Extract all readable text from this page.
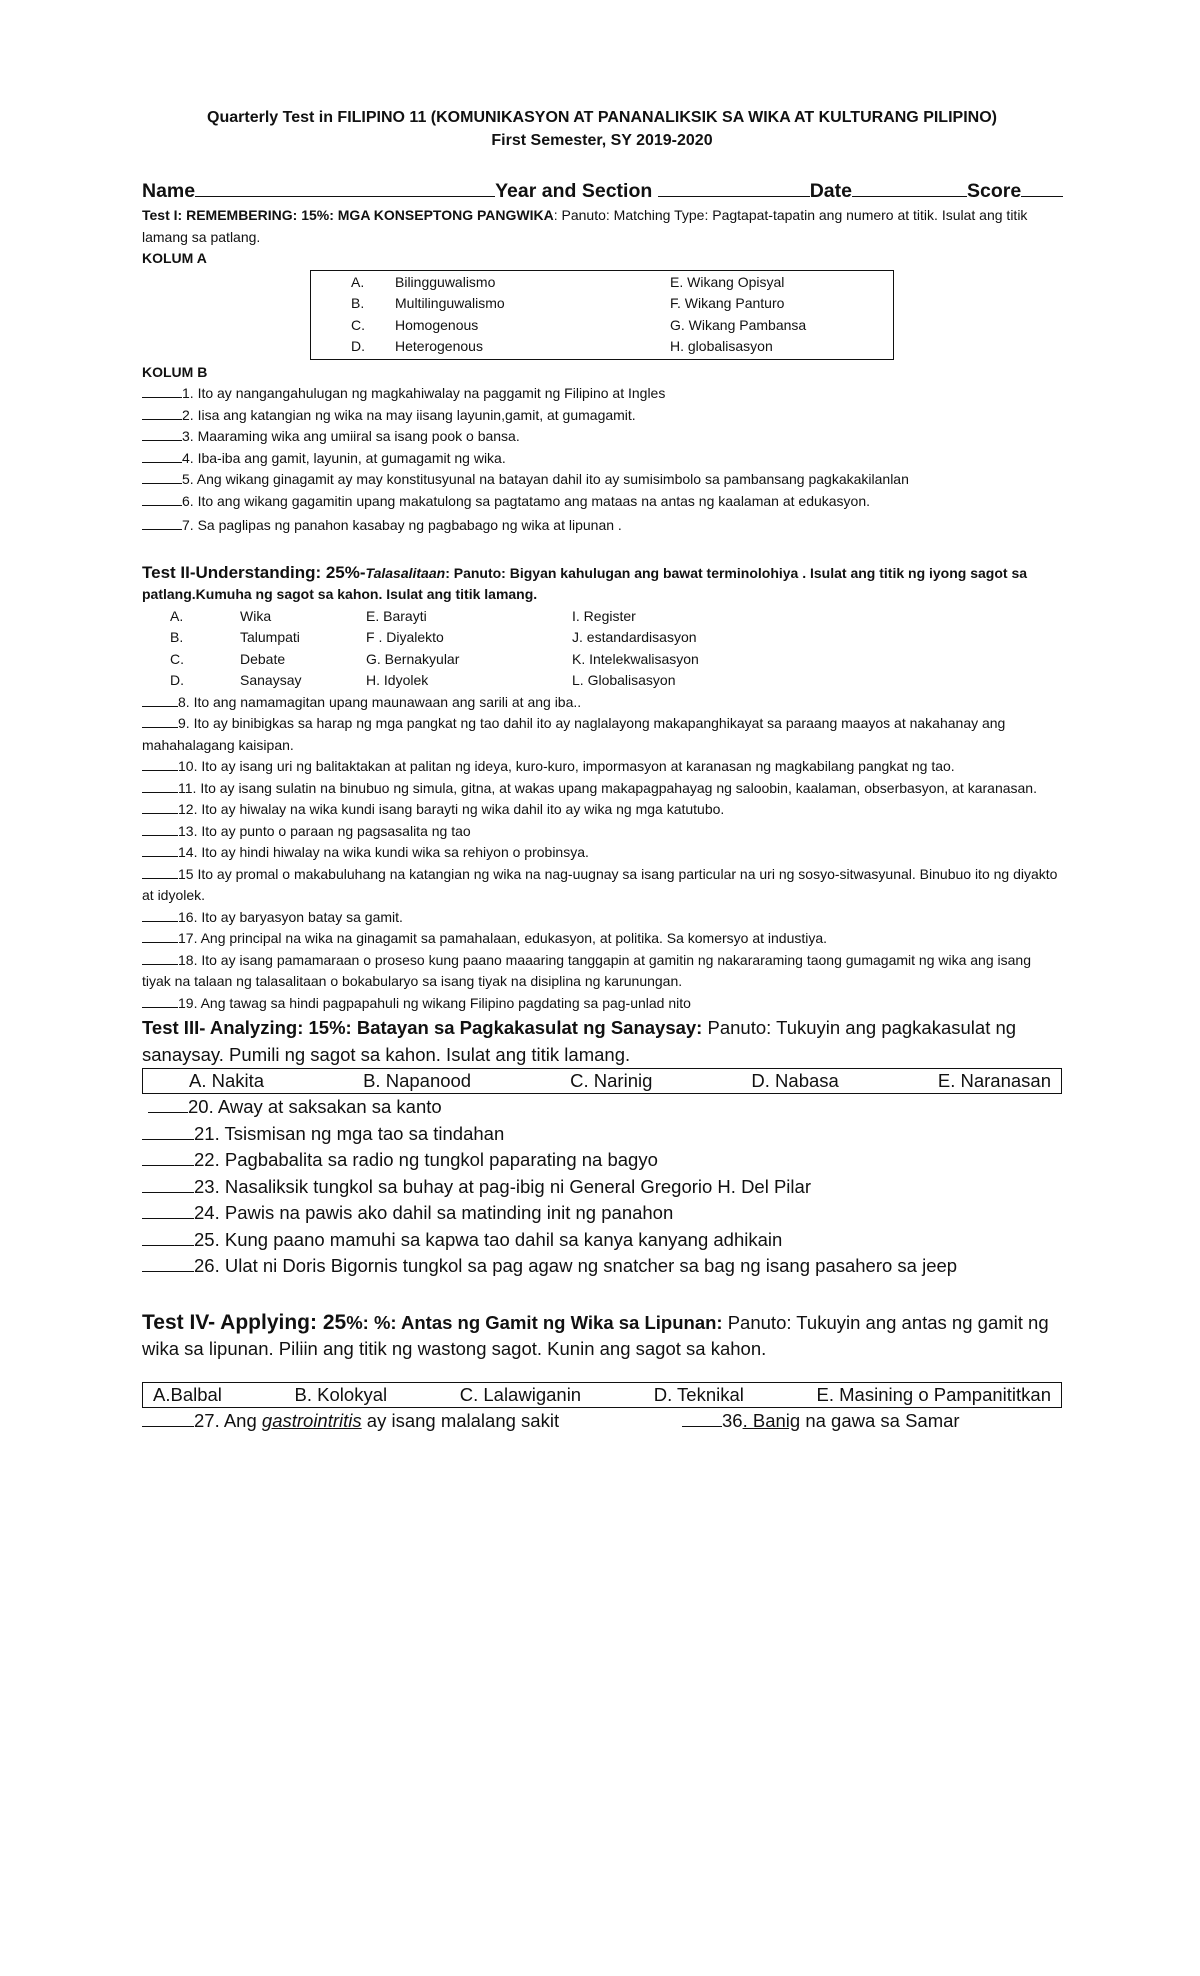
Quarterly Test in FILIPINO 11 (KOMUNIKASYON AT PANANALIKSIK SA WIKA AT KULTURANG PILIPINO)
First Semester, SY 2019-2020
Name	Year and Section	Date	Score
Test I: REMEMBERING: 15%: MGA KONSEPTONG PANGWIKA: Panuto: Matching Type: Pagtapat-tapatin ang numero at titik. Isulat ang titik lamang sa patlang.
KOLUM A
A.	Bilingguwalismo	E. Wikang Opisyal
B.	Multilinguwalismo	F. Wikang Panturo
C.	Homogenous	G. Wikang Pambansa
D.	Heterogenous	H. globalisasyon
KOLUM B
1. Ito ay nangangahulugan ng magkahiwalay na paggamit ng Filipino at Ingles
2. Iisa ang katangian ng wika na may iisang layunin,gamit, at gumagamit.
3. Maaraming wika ang umiiral sa isang pook o bansa.
4. Iba-iba ang gamit, layunin, at gumagamit ng wika.
5. Ang wikang ginagamit ay may konstitusyunal na batayan dahil ito ay sumisimbolo sa pambansang pagkakakilanlan
6. Ito ang wikang gagamitin upang makatulong sa pagtatamo ang mataas na antas ng kaalaman at edukasyon.
7. Sa paglipas ng panahon kasabay ng pagbabago ng wika at lipunan .
Test II-Understanding: 25%-Talasalitaan: Panuto: Bigyan kahulugan ang bawat terminolohiya . Isulat ang titik ng iyong sagot sa patlang.Kumuha ng sagot sa kahon. Isulat ang titik lamang.
A.	Wika	E. Barayti	I. Register
B.	Talumpati	F . Diyalekto	J. estandardisasyon
C.	Debate	G. Bernakyular	K. Intelekwalisasyon
D.	Sanaysay	H. Idyolek	L. Globalisasyon
8. Ito ang namamagitan upang maunawaan ang sarili at ang iba..
9. Ito ay binibigkas sa harap ng mga pangkat ng tao dahil ito ay naglalayong makapanghikayat sa paraang maayos at nakahanay ang mahahalagang kaisipan.
10. Ito ay isang uri ng balitaktakan at palitan ng ideya, kuro-kuro, impormasyon at karanasan ng magkabilang pangkat ng tao.
11. Ito ay isang sulatin na binubuo ng simula, gitna, at wakas upang makapagpahayag ng saloobin, kaalaman, obserbasyon, at karanasan.
12. Ito ay hiwalay na wika kundi isang barayti ng wika dahil ito ay wika ng mga katutubo.
13. Ito ay punto o paraan ng pagsasalita ng tao
14. Ito ay hindi hiwalay na wika kundi wika sa rehiyon o probinsya.
15 Ito ay promal o makabuluhang na katangian ng wika na nag-uugnay sa isang particular na uri ng sosyo-sitwasyunal. Binubuo ito ng diyakto at idyolek.
16. Ito ay baryasyon batay sa gamit.
17. Ang principal na wika na ginagamit sa pamahalaan, edukasyon, at politika. Sa komersyo at industiya.
18. Ito ay isang pamamaraan o proseso kung paano maaaring tanggapin at gamitin ng nakararaming taong gumagamit ng wika ang isang tiyak na talaan ng talasalitaan o bokabularyo sa isang tiyak na disiplina ng karunungan.
19. Ang tawag sa hindi pagpapahuli ng wikang Filipino pagdating sa pag-unlad nito
Test III- Analyzing: 15%: Batayan sa Pagkakasulat ng Sanaysay: Panuto: Tukuyin ang pagkakasulat ng sanaysay. Pumili ng sagot sa kahon. Isulat ang titik lamang.
A. Nakita	B. Napanood	C. Narinig	D. Nabasa	E. Naranasan
20. Away at saksakan sa kanto
21. Tsismisan ng mga tao sa tindahan
22. Pagbabalita sa radio ng tungkol paparating na bagyo
23. Nasaliksik tungkol sa buhay at pag-ibig ni General Gregorio H. Del Pilar
24. Pawis na pawis ako dahil sa matinding init ng panahon
25. Kung paano mamuhi sa kapwa tao dahil sa kanya kanyang adhikain
26. Ulat ni Doris Bigornis tungkol sa pag agaw ng snatcher sa bag ng isang pasahero sa jeep
Test IV- Applying: 25%: %: Antas ng Gamit ng Wika sa Lipunan: Panuto: Tukuyin ang antas ng gamit ng wika sa lipunan. Piliin ang titik ng wastong sagot. Kunin ang sagot sa kahon.
A.Balbal	B. Kolokyal	C. Lalawiganin	D. Teknikal	E. Masining o Pampanititkan
27. Ang gastrointritis ay isang malalang sakit	36. Banig na gawa sa Samar
